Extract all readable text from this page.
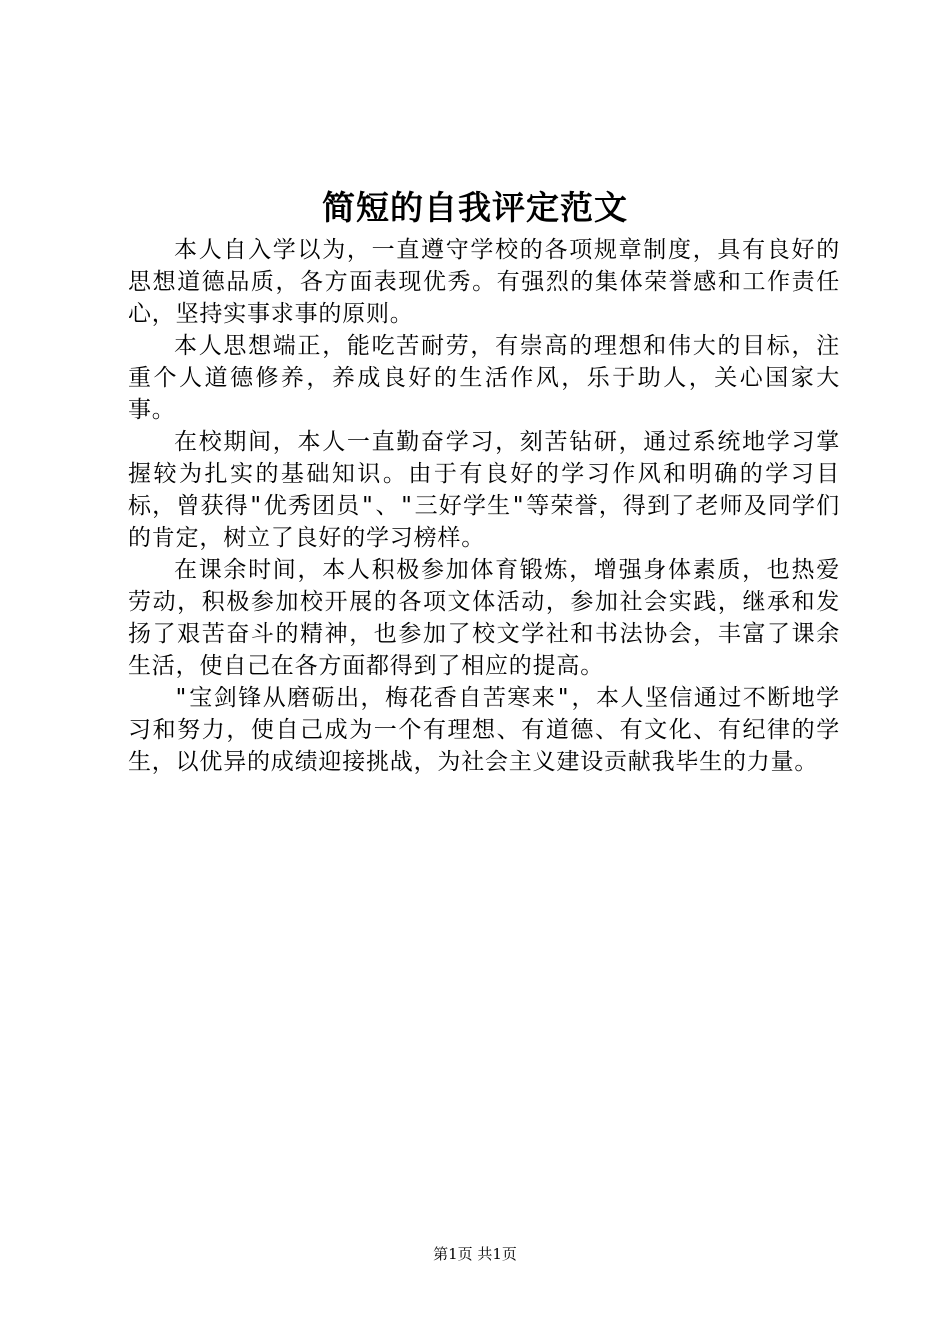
简短的自我评定范文

本人自入学以为，一直遵守学校的各项规章制度，具有良好的思想道德品质，各方面表现优秀。有强烈的集体荣誉感和工作责任心，坚持实事求事的原则。

本人思想端正，能吃苦耐劳，有崇高的理想和伟大的目标，注重个人道德修养，养成良好的生活作风，乐于助人，关心国家大事。

在校期间，本人一直勤奋学习，刻苦钻研，通过系统地学习掌握较为扎实的基础知识。由于有良好的学习作风和明确的学习目标，曾获得"优秀团员"、"三好学生"等荣誉，得到了老师及同学们的肯定，树立了良好的学习榜样。

在课余时间，本人积极参加体育锻炼，增强身体素质，也热爱劳动，积极参加校开展的各项文体活动，参加社会实践，继承和发扬了艰苦奋斗的精神，也参加了校文学社和书法协会，丰富了课余生活，使自己在各方面都得到了相应的提高。

"宝剑锋从磨砺出，梅花香自苦寒来"，本人坚信通过不断地学习和努力，使自己成为一个有理想、有道德、有文化、有纪律的学生，以优异的成绩迎接挑战，为社会主义建设贡献我毕生的力量。

第1页 共1页
